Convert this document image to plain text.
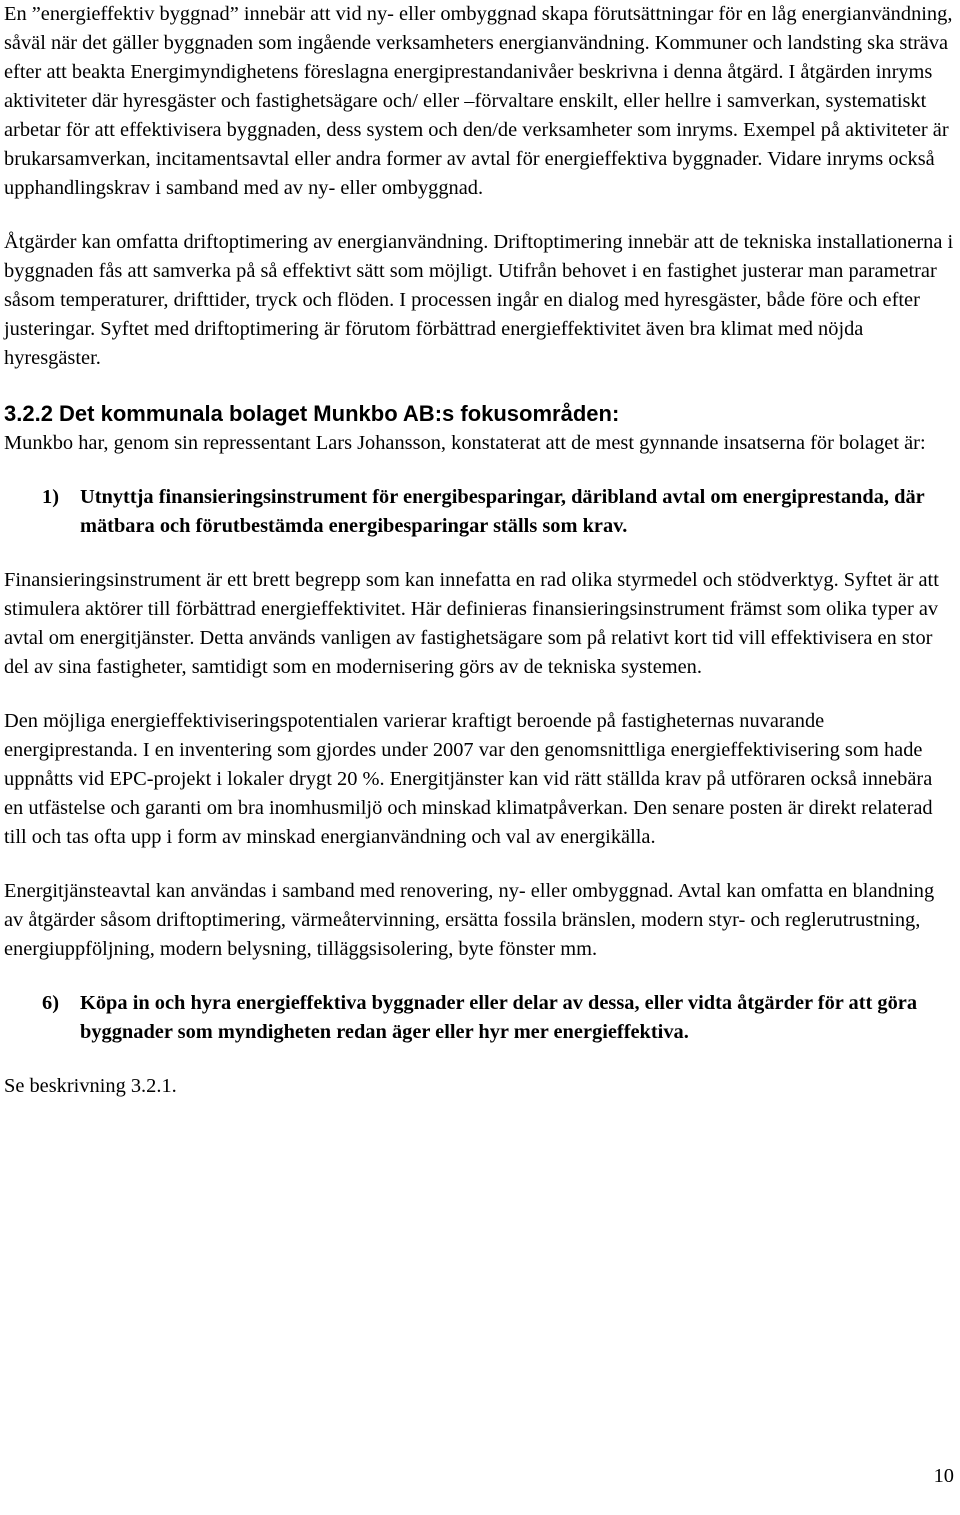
En ”energieffektiv byggnad” innebär att vid ny- eller ombyggnad skapa förutsättningar för en låg energianvändning, såväl när det gäller byggnaden som ingående verksamheters energianvändning. Kommuner och landsting ska sträva efter att beakta Energimyndighetens föreslagna energiprestandanivåer beskrivna i denna åtgärd. I åtgärden inryms aktiviteter där hyresgäster och fastighetsägare och/ eller –förvaltare enskilt, eller hellre i samverkan, systematiskt arbetar för att effektivisera byggnaden, dess system och den/de verksamheter som inryms. Exempel på aktiviteter är brukarsamverkan, incitamentsavtal eller andra former av avtal för energieffektiva byggnader. Vidare inryms också upphandlingskrav i samband med av ny- eller ombyggnad.

Åtgärder kan omfatta driftoptimering av energianvändning. Driftoptimering innebär att de tekniska installationerna i byggnaden fås att samverka på så effektivt sätt som möjligt. Utifrån behovet i en fastighet justerar man parametrar såsom temperaturer, drifttider, tryck och flöden. I processen ingår en dialog med hyresgäster, både före och efter justeringar. Syftet med driftoptimering är förutom förbättrad energieffektivitet även bra klimat med nöjda hyresgäster.

3.2.2 Det kommunala bolaget Munkbo AB:s fokusområden:

Munkbo har, genom sin repressentant Lars Johansson, konstaterat att de mest gynnande insatserna för bolaget är:

1) Utnyttja finansieringsinstrument för energibesparingar, däribland avtal om energiprestanda, där mätbara och förutbestämda energibesparingar ställs som krav.

Finansieringsinstrument är ett brett begrepp som kan innefatta en rad olika styrmedel och stödverktyg. Syftet är att stimulera aktörer till förbättrad energieffektivitet. Här definieras finansieringsinstrument främst som olika typer av avtal om energitjänster. Detta används vanligen av fastighetsägare som på relativt kort tid vill effektivisera en stor del av sina fastigheter, samtidigt som en modernisering görs av de tekniska systemen.

Den möjliga energieffektiviseringspotentialen varierar kraftigt beroende på fastigheternas nuvarande energiprestanda. I en inventering som gjordes under 2007 var den genomsnittliga energieffektivisering som hade uppnåtts vid EPC-projekt i lokaler drygt 20 %. Energitjänster kan vid rätt ställda krav på utföraren också innebära en utfästelse och garanti om bra inomhusmiljö och minskad klimatpåverkan. Den senare posten är direkt relaterad till och tas ofta upp i form av minskad energianvändning och val av energikälla.

Energitjänsteavtal kan användas i samband med renovering, ny- eller ombyggnad. Avtal kan omfatta en blandning av åtgärder såsom driftoptimering, värmeåtervinning, ersätta fossila bränslen, modern styr- och reglerutrustning, energiuppföljning, modern belysning, tilläggsisolering, byte fönster mm.

6) Köpa in och hyra energieffektiva byggnader eller delar av dessa, eller vidta åtgärder för att göra byggnader som myndigheten redan äger eller hyr mer energieffektiva.

Se beskrivning 3.2.1.

10
